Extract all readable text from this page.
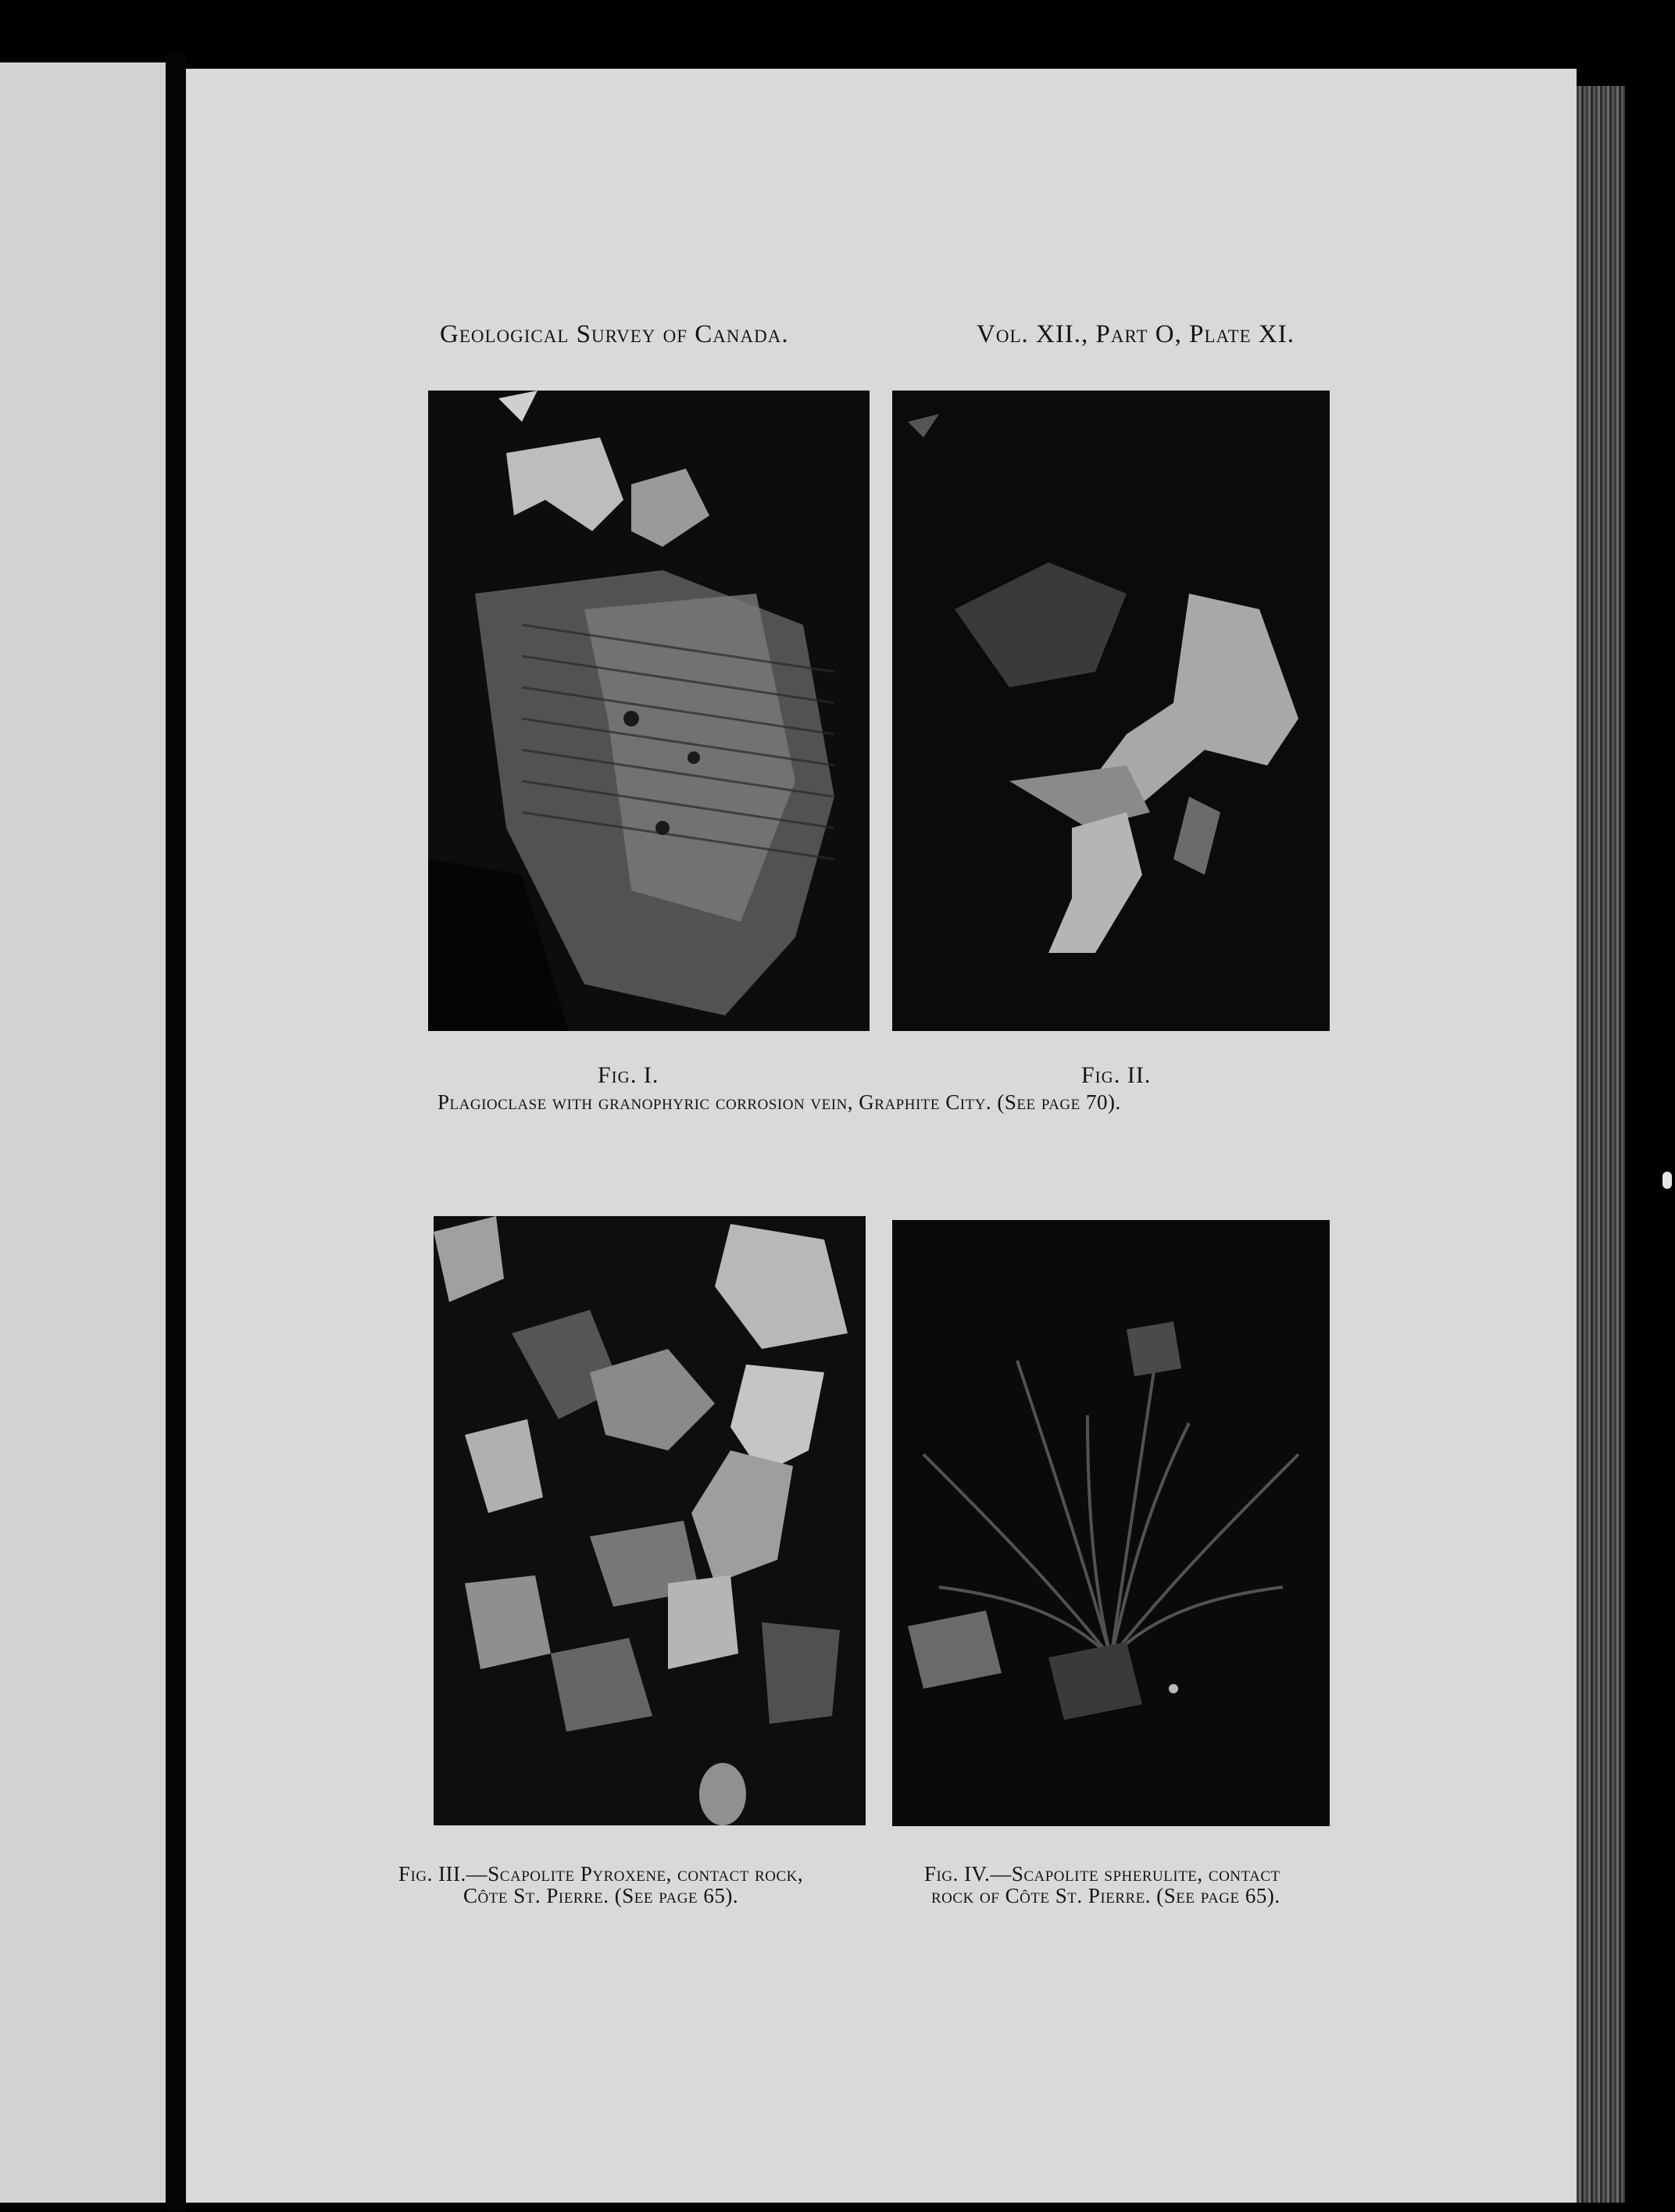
Geological Survey of Canada.	Vol. XII., Part O, Plate XI.
Fig. I.	Fig. II.
Plagioclase with granophyric corrosion vein, Graphite City. (See page 70).
Fig. III.—Scapolite Pyroxene, contact rock,
Côte St. Pierre. (See page 65).
Fig. IV.—Scapolite spherulite, contact
rock of Côte St. Pierre. (See page 65).
